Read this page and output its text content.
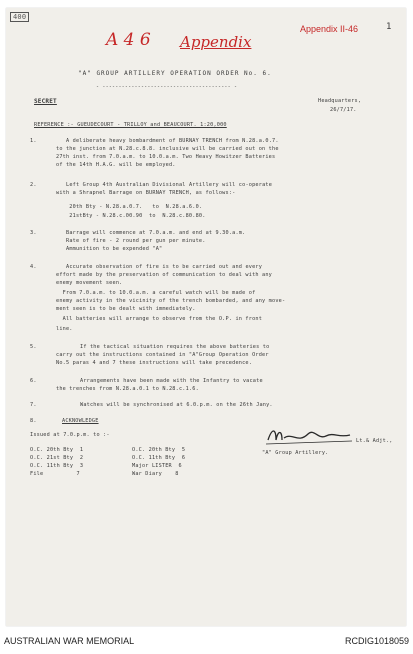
400
A 4 6 Appendix
Appendix II-46	1
"A" GROUP ARTILLERY OPERATION ORDER No. 6.
- ---------------------------------------- -
SECRET	Headquarters,
26/7/17.
REFERENCE :- GUEUDECOURT - TRILLOY and BEAUCOURT. 1:20,000
1.	A deliberate heavy bombardment of BURNAY TRENCH from N.28.a.0.7.
to the junction at N.28.c.8.8. inclusive will be carried out on the
27th inst. from 7.0.a.m. to 10.0.a.m. Two Heavy Howitzer Batteries
of the 14th H.A.G. will be employed.
2.	Left Group 4th Australian Divisional Artillery will co-operate
with a Shrapnel Barrage on BURNAY TRENCH, as follows:-
20th Bty - N.28.a.0.7.   to  N.28.a.6.0.
21stBty - N.28.c.00.90  to  N.28.c.80.80.
3.	Barrage will commence at 7.0.a.m. and end at 9.30.a.m.
Rate of fire - 2 round per gun per minute.
Ammunition to be expended "A"
4.	Accurate observation of fire is to be carried out and every
effort made by the preservation of communication to deal with any
enemy movement seen.
From 7.0.a.m. to 10.0.a.m. a careful watch will be made of
enemy activity in the vicinity of the trench bombarded, and any move-
ment seen is to be dealt with immediately.
All batteries will arrange to observe from the O.P. in front
line.
5.	If the tactical situation requires the above batteries to
carry out the instructions contained in "A"Group Operation Order
No.5 paras 4 and 7 these instructions will take precedence.
6.	Arrangements have been made with the Infantry to vacate
the trenches from N.28.a.0.1 to N.28.c.1.6.
7.	Watches will be synchronised at 6.0.p.m. on the 26th Jany.
8.	ACKNOWLEDGE
Lt.& Adjt.,
"A" Group Artillery.
Issued at 7.0.p.m. to :-
O.C. 20th Bty  1	O.C. 20th Bty  5
O.C. 21st Bty  2	O.C. 11th Bty  6
O.C. 11th Bty  3	Major LISTER  6
File          7	War Diary    8
AUSTRALIAN WAR MEMORIAL	RCDIG1018059
